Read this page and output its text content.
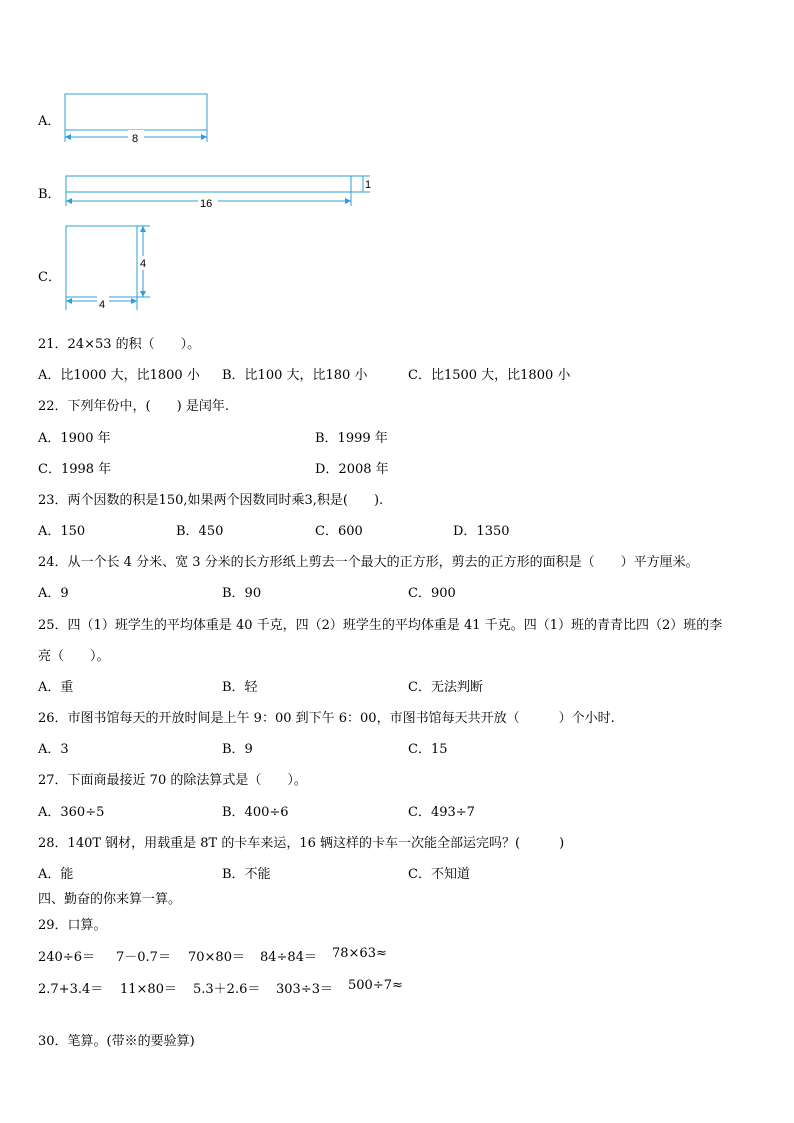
A．
8
B．
16
1
C．
4
4
21．24×53 的积（　　）。
A．比1000 大，比1800 小 B．比100 大，比180 小	C．比1500 大，比1800 小
22．下列年份中，(　　) 是闰年.
A．1900 年	B．1999 年
C．1998 年	D．2008 年
23．两个因数的积是150,如果两个因数同时乘3,积是(　　).
A．150	B．450	C．600	D．1350
24．从一个长 4 分米、宽 3 分米的长方形纸上剪去一个最大的正方形，剪去的正方形的面积是（　　）平方厘米。
A．9	B．90	C．900
25．四（1）班学生的平均体重是 40 千克，四（2）班学生的平均体重是 41 千克。四（1）班的青青比四（2）班的李
亮（　　）。
A．重	B．轻	C．无法判断
26．市图书馆每天的开放时间是上午 9：00 到下午 6：00，市图书馆每天共开放（　　　）个小时.
A．3	B．9	C．15
27．下面商最接近 70 的除法算式是（　　）。
A．360÷5	B．400÷6	C．493÷7
28．140T 钢材，用载重是 8T 的卡车来运，16 辆这样的卡车一次能全部运完吗？(　　　)
A．能	B．不能	C．不知道
四、勤奋的你来算一算。
29．口算。
240÷6＝ 7－0.7＝ 70×80＝ 84÷84＝ 78×63≈
2.7+3.4＝ 11×80＝ 5.3＋2.6＝ 303÷3＝ 500÷7≈
30．笔算。(带※的要验算)
